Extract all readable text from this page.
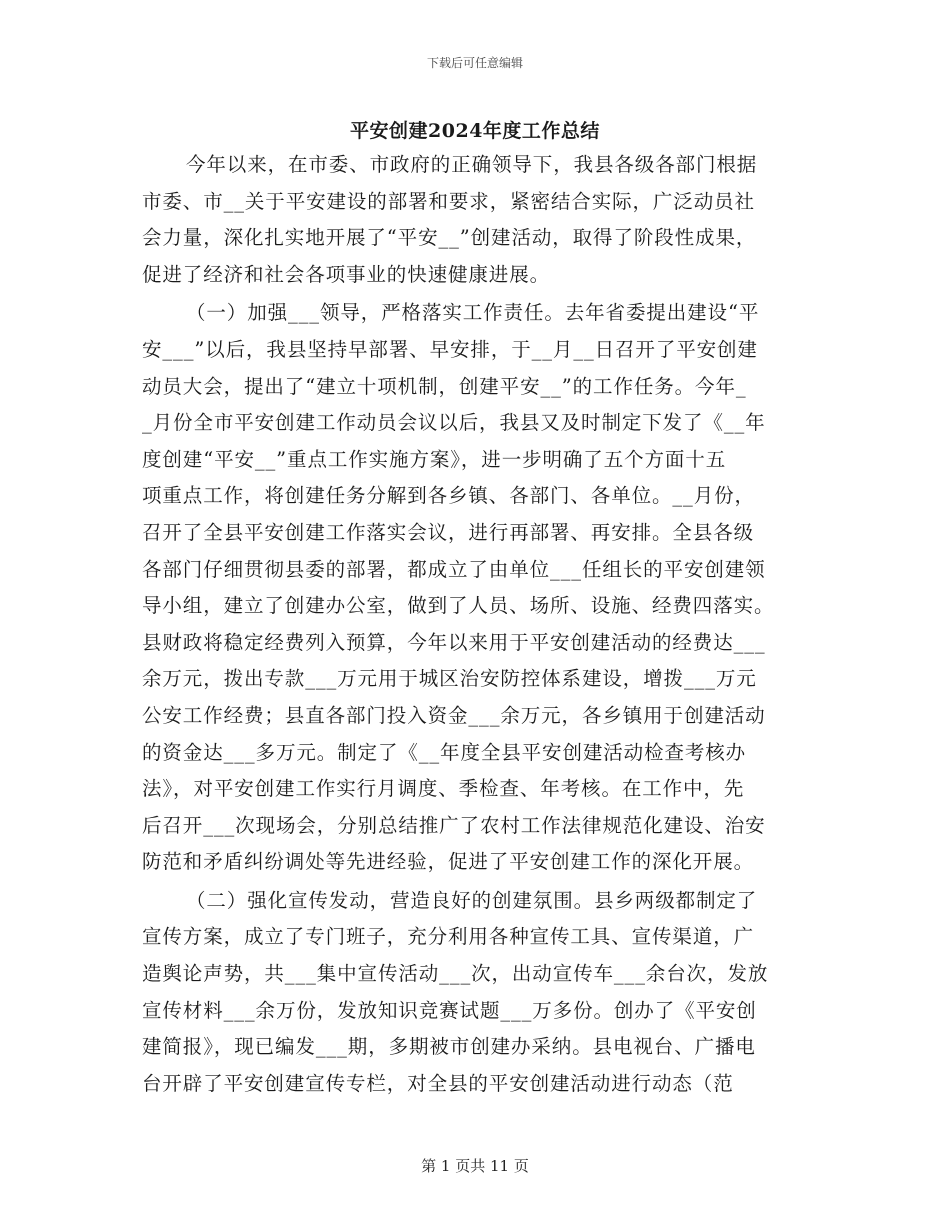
下载后可任意编辑
平安创建2024年度工作总结
今年以来，在市委、市政府的正确领导下，我县各级各部门根据
市委、市__关于平安建设的部署和要求，紧密结合实际，广泛动员社
会力量，深化扎实地开展了“平安__”创建活动，取得了阶段性成果，
促进了经济和社会各项事业的快速健康进展。
（一）加强___领导，严格落实工作责任。去年省委提出建设“平
安___”以后，我县坚持早部署、早安排，于__月__日召开了平安创建
动员大会，提出了“建立十项机制，创建平安__”的工作任务。今年_
_月份全市平安创建工作动员会议以后，我县又及时制定下发了《__年
度创建“平安__”重点工作实施方案》，进一步明确了五个方面十五
项重点工作，将创建任务分解到各乡镇、各部门、各单位。__月份，
召开了全县平安创建工作落实会议，进行再部署、再安排。全县各级
各部门仔细贯彻县委的部署，都成立了由单位___任组长的平安创建领
导小组，建立了创建办公室，做到了人员、场所、设施、经费四落实。
县财政将稳定经费列入预算，今年以来用于平安创建活动的经费达___
余万元，拨出专款___万元用于城区治安防控体系建设，增拨___万元
公安工作经费；县直各部门投入资金___余万元，各乡镇用于创建活动
的资金达___多万元。制定了《__年度全县平安创建活动检查考核办
法》，对平安创建工作实行月调度、季检查、年考核。在工作中，先
后召开___次现场会，分别总结推广了农村工作法律规范化建设、治安
防范和矛盾纠纷调处等先进经验，促进了平安创建工作的深化开展。
（二）强化宣传发动，营造良好的创建氛围。县乡两级都制定了
宣传方案，成立了专门班子，充分利用各种宣传工具、宣传渠道，广
造舆论声势，共___集中宣传活动___次，出动宣传车___余台次，发放
宣传材料___余万份，发放知识竞赛试题___万多份。创办了《平安创
建简报》，现已编发___期，多期被市创建办采纳。县电视台、广播电
台开辟了平安创建宣传专栏，对全县的平安创建活动进行动态（范
第 1 页共 11 页
